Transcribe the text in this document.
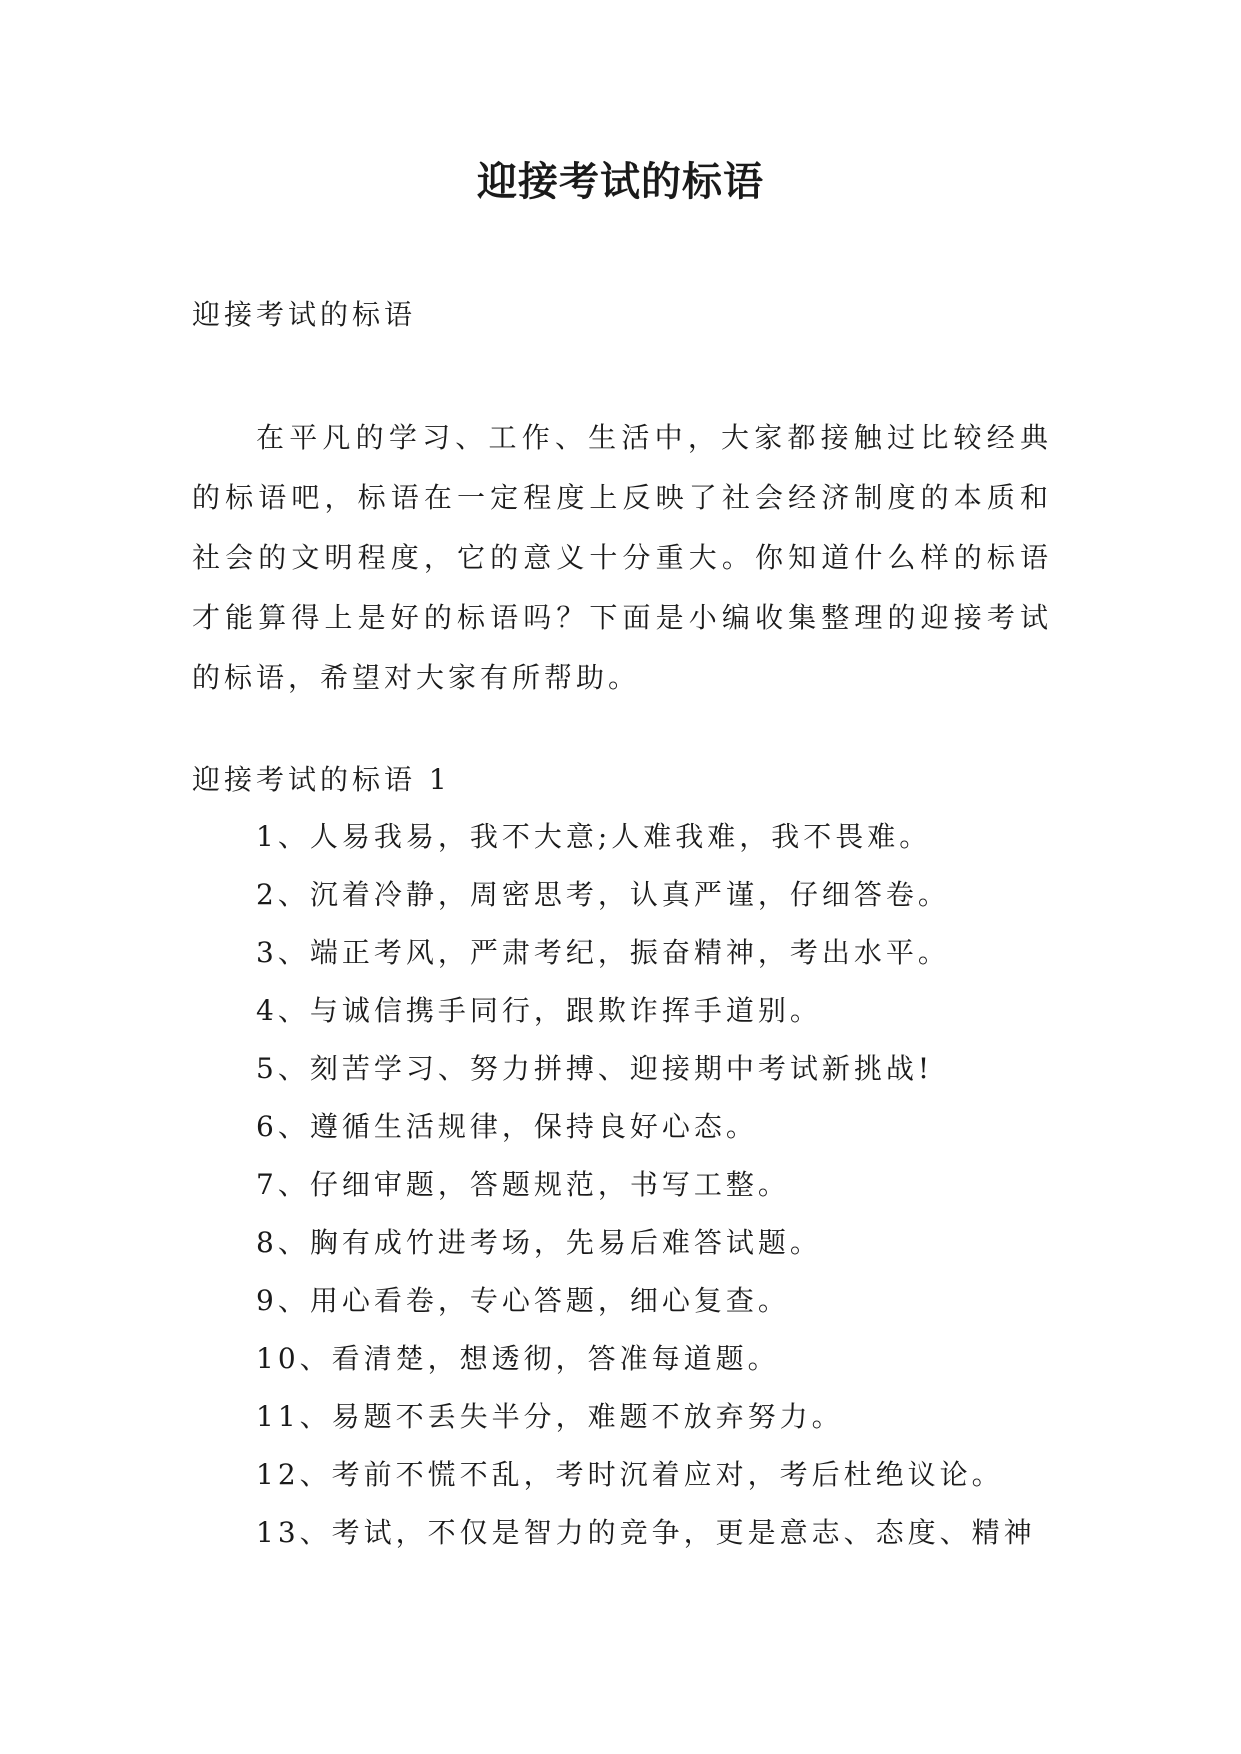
迎接考试的标语
迎接考试的标语
在平凡的学习、工作、生活中，大家都接触过比较经典的标语吧，标语在一定程度上反映了社会经济制度的本质和社会的文明程度，它的意义十分重大。你知道什么样的标语才能算得上是好的标语吗？下面是小编收集整理的迎接考试的标语，希望对大家有所帮助。
迎接考试的标语 1
1、人易我易，我不大意;人难我难，我不畏难。
2、沉着冷静，周密思考，认真严谨，仔细答卷。
3、端正考风，严肃考纪，振奋精神，考出水平。
4、与诚信携手同行，跟欺诈挥手道别。
5、刻苦学习、努力拼搏、迎接期中考试新挑战!
6、遵循生活规律，保持良好心态。
7、仔细审题，答题规范，书写工整。
8、胸有成竹进考场，先易后难答试题。
9、用心看卷，专心答题，细心复查。
10、看清楚，想透彻，答准每道题。
11、易题不丢失半分，难题不放弃努力。
12、考前不慌不乱，考时沉着应对，考后杜绝议论。
13、考试，不仅是智力的竞争，更是意志、态度、精神
